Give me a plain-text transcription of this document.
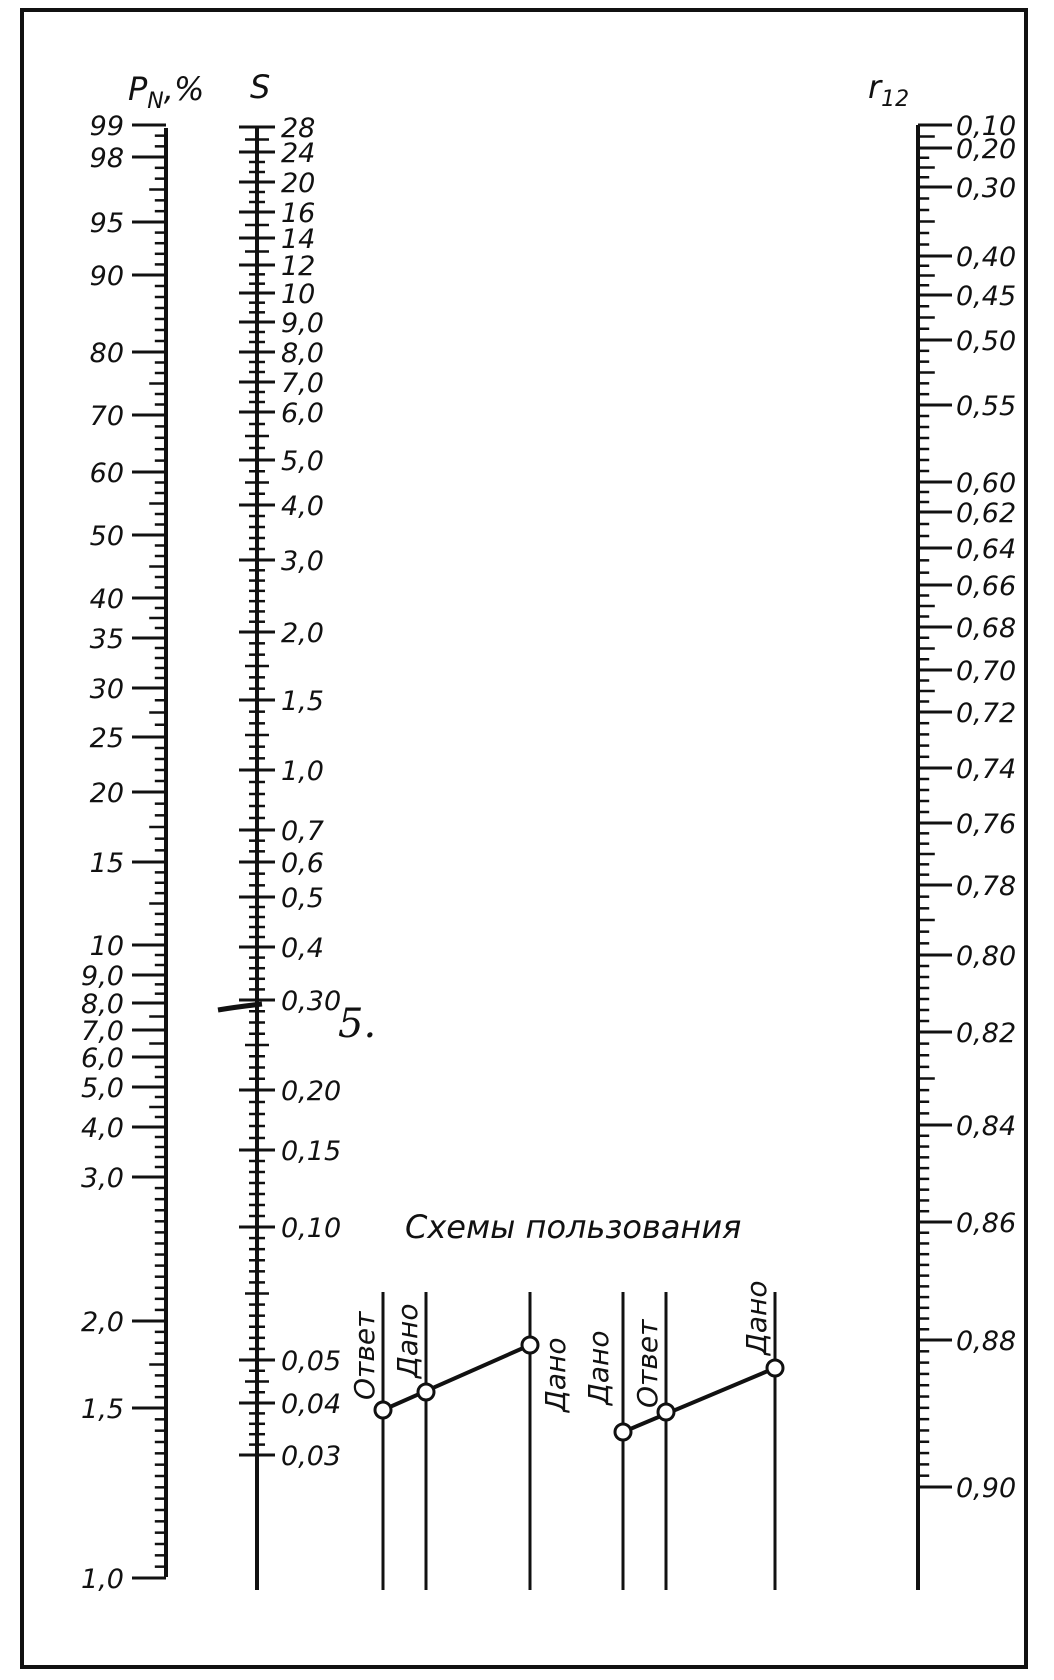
$P_N,\%$
99
98
95
90
80
70
60
50
40
35
30
25
20
15
10
9,0
8,0
7,0
6,0
5,0
4,0
3,0
2,0
1,5
1,0
S
28
24
20
16
14
12
10
9,0
8,0
7,0
6,0
5,0
4,0
3,0
2,0
1,5
1,0
0,7
0,6
0,5
0,4
0,30
0,20
0,15
0,10
0,05
0,04
0,03
$r_{12}$
0,10
0,20
0,30
0,40
0,45
0,50
0,55
0,60
0,62
0,64
0,66
0,68
0,70
0,72
0,74
0,76
0,78
0,80
0,82
0,84
0,86
0,88
0,90
5.
Схемы пользования
Ответ Дано	Дано Дано Ответ
Дано
